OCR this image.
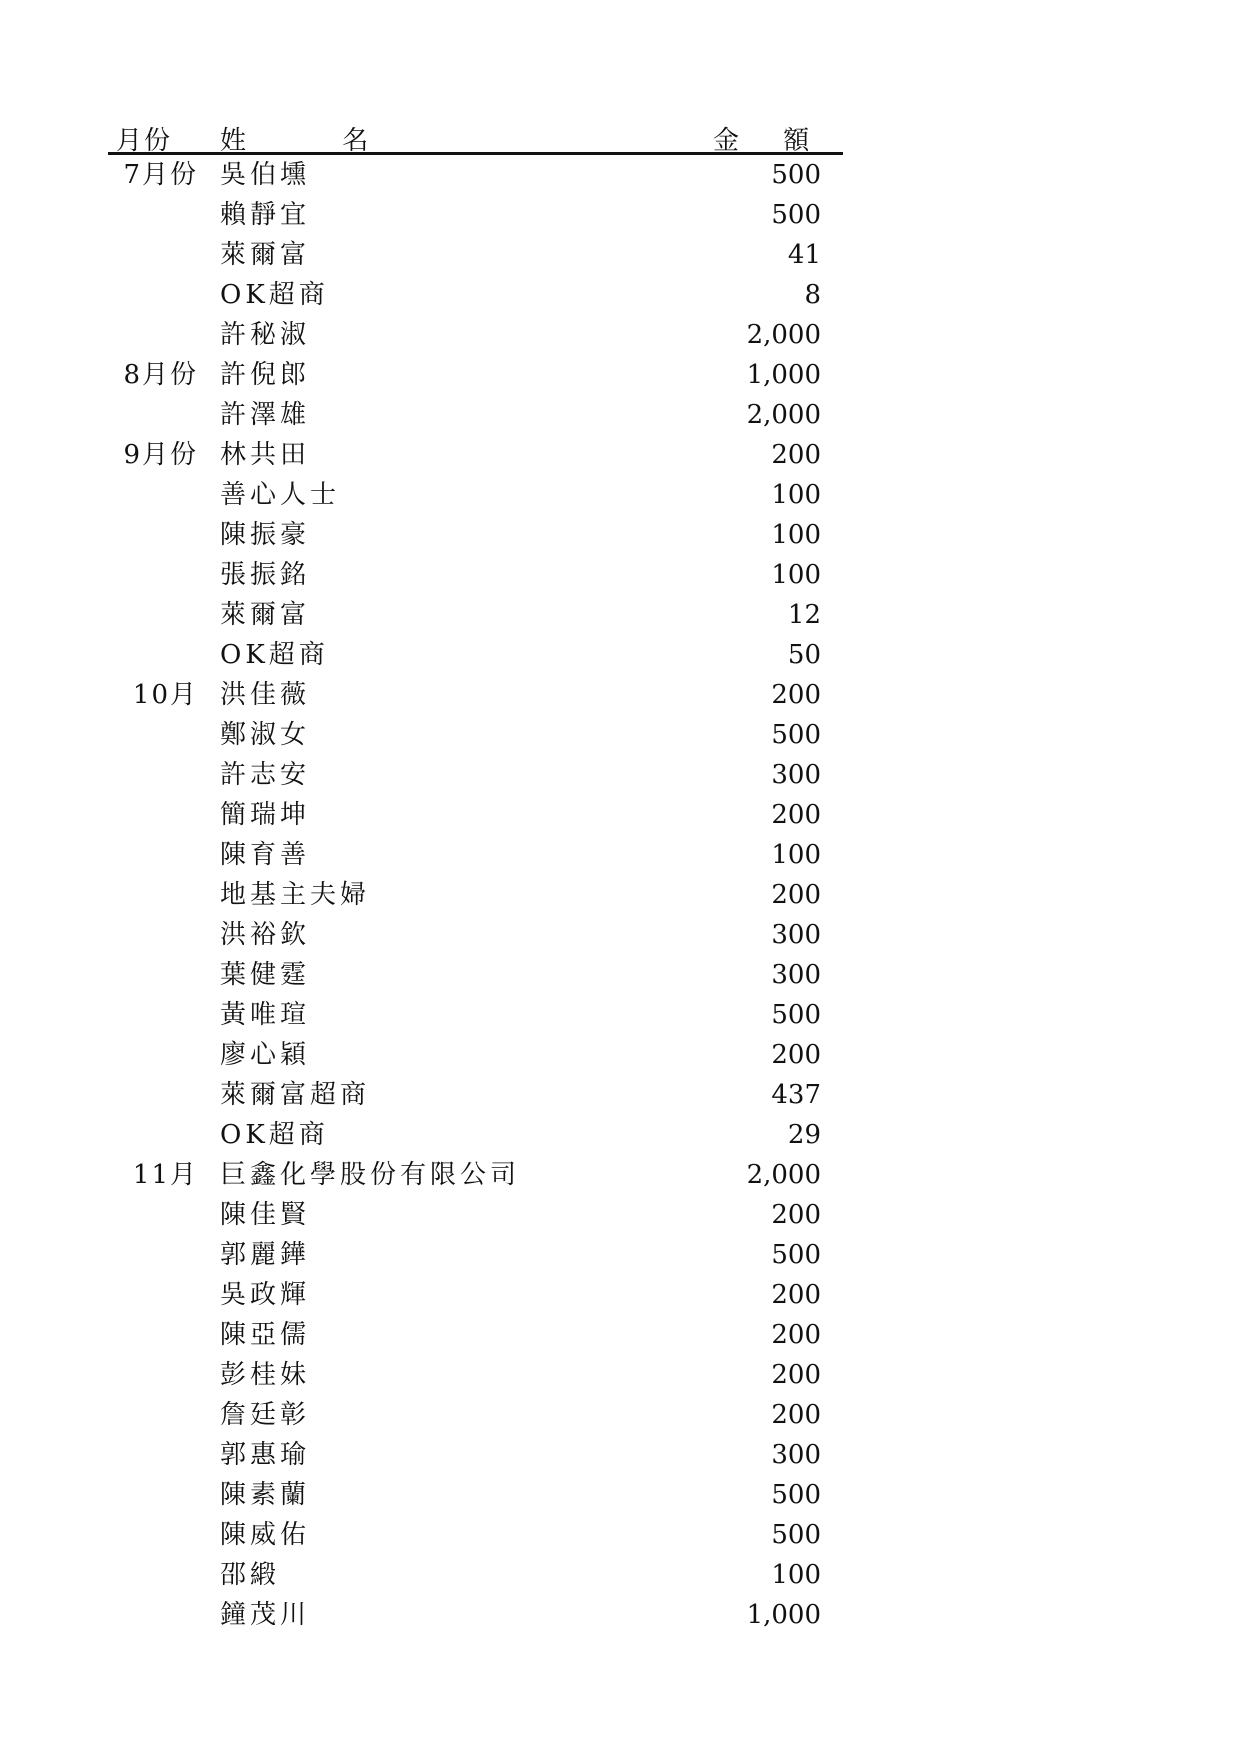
月份 姓 名	金 額
7月份 吳伯壎	500
賴靜宜	500
萊爾富	41
OK超商	8
許秘淑	2,000
8月份 許倪郎	1,000
許澤雄	2,000
9月份 林共田	200
善心人士	100
陳振豪	100
張振銘	100
萊爾富	12
OK超商	50
10月 洪佳薇	200
鄭淑女	500
許志安	300
簡瑞坤	200
陳育善	100
地基主夫婦	200
洪裕欽	300
葉健霆	300
黃唯瑄	500
廖心穎	200
萊爾富超商	437
OK超商	29
11月 巨鑫化學股份有限公司	2,000
陳佳賢	200
郭麗鏵	500
吳政輝	200
陳亞儒	200
彭桂妹	200
詹廷彰	200
郭惠瑜	300
陳素蘭	500
陳威佑	500
邵緞	100
鐘茂川	1,000
